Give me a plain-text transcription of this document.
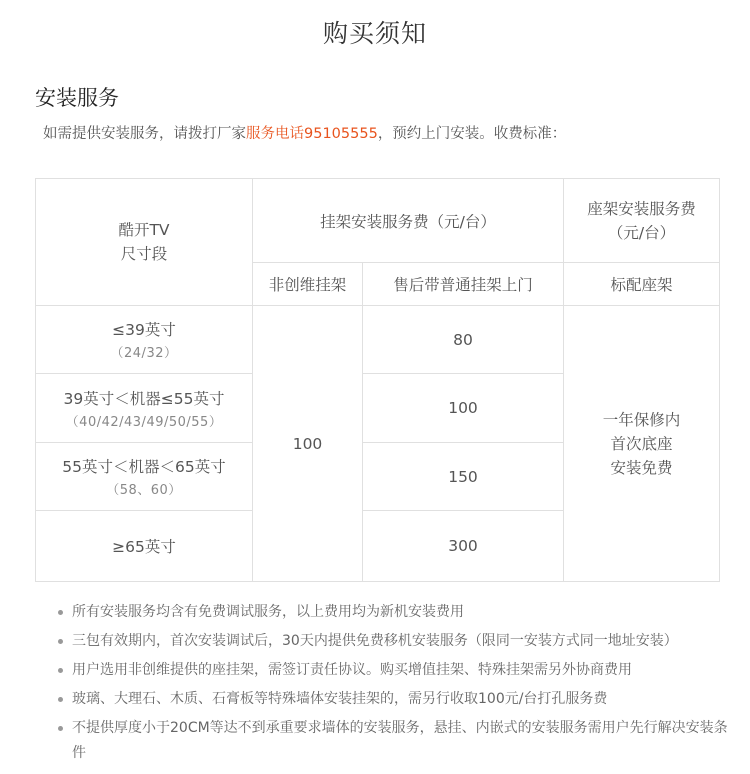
购买须知
安装服务
如需提供安装服务，请拨打厂家服务电话95105555，预约上门安装。收费标准：
酷开TV
尺寸段	挂架安装服务费（元/台）		座架安装服务费
（元/台）

	非创维挂架	售后带普通挂架上门	标配座架
≤39英寸
（24/32）	100	80	一年保修内
首次底座
安装免费

39英寸＜机器≤55英寸
（40/42/43/49/50/55）		100	
55英寸＜机器＜65英寸
（58、60）		150	
≥65英寸		300	
所有安装服务均含有免费调试服务，以上费用均为新机安装费用
三包有效期内，首次安装调试后，30天内提供免费移机安装服务（限同一安装方式同一地址安装）
用户选用非创维提供的座挂架，需签订责任协议。购买增值挂架、特殊挂架需另外协商费用
玻璃、大理石、木质、石膏板等特殊墙体安装挂架的，需另行收取100元/台打孔服务费
不提供厚度小于20CM等达不到承重要求墙体的安装服务，悬挂、内嵌式的安装服务需用户先行解决安装条件
